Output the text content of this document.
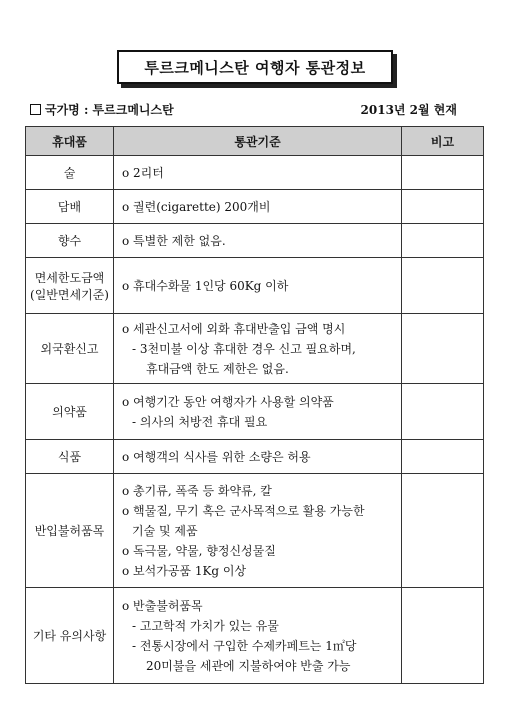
투르크메니스탄 여행자 통관정보
국가명 : 투르크메니스탄	2013년 2월 현재
휴대품	통관기준	비고

술	o 2리터	

담배	o 궐련(cigarette) 200개비	

향수	o 특별한 제한 없음.	

면세한도금액
(일반면세기준)	o 휴대수화물 1인당 60Kg 이하	

외국환신고	o 세관신고서에 외화 휴대반출입 금액 명시
- 3천미불 이상 휴대한 경우 신고 필요하며,
휴대금액 한도 제한은 없음.	

의약품	o 여행기간 동안 여행자가 사용할 의약품
- 의사의 처방전 휴대 필요	

식품	o 여행객의 식사를 위한 소량은 허용	

반입불허품목	o 총기류, 폭죽 등 화약류, 칼
o 핵물질, 무기 혹은 군사목적으로 활용 가능한
기술 및 제품
o 독극물, 약물, 향정신성물질
o 보석가공품 1Kg 이상	

기타 유의사항	o 반출불허품목
- 고고학적 가치가 있는 유물
- 전통시장에서 구입한 수제카페트는 1㎡당
20미불을 세관에 지불하여야 반출 가능	
